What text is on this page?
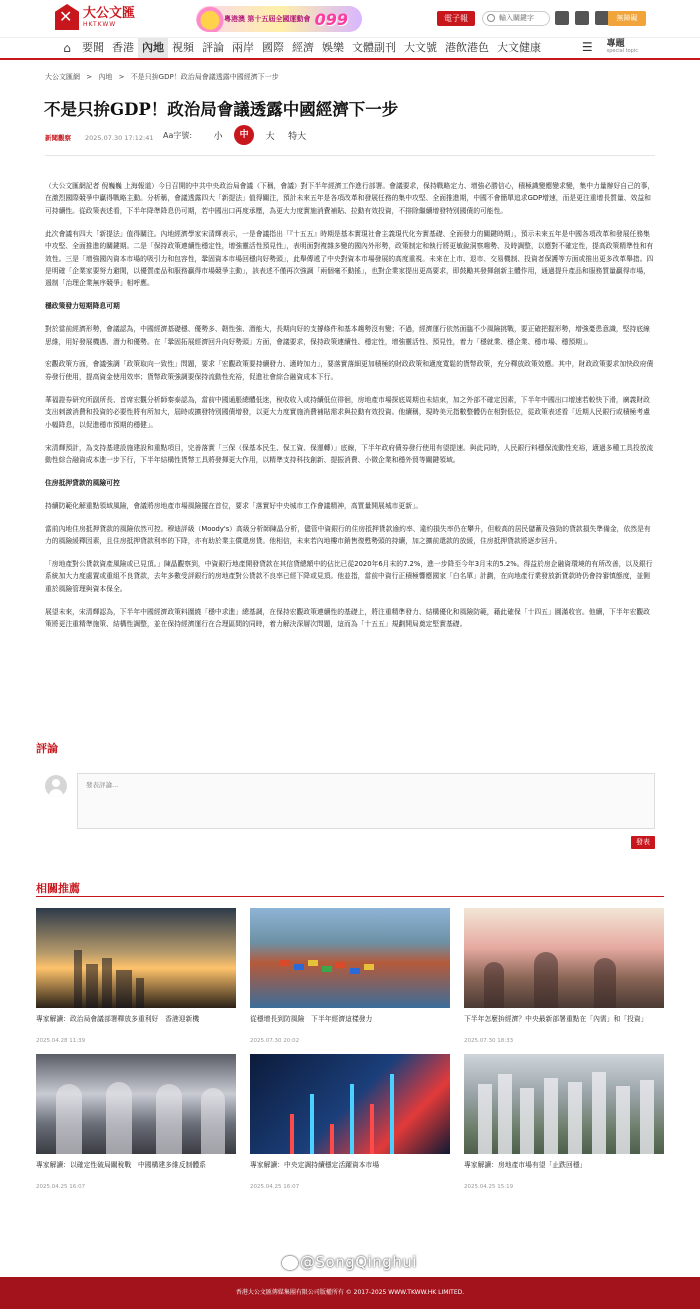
✕
大公文匯
HKTKWW
粵港澳 第十五屆全國運動會 099	電子報	輸入關鍵字	無障礙
⌂	要聞 香港 內地 視頻 評論 兩岸 國際 經濟 娛樂 文體副刊 大文號 港飲港色 大文健康	☰ 專題
special topic
大公文匯網 > 內地 > 不是只拚GDP！政治局會議透露中國經濟下一步
不是只拚GDP！政治局會議透露中國經濟下一步
新聞觀察 2025.07.30 17:12:41 Aa字號:	小	中	大	特大

（大公文匯網記者 倪巍巍 上海報道）今日召開的中共中央政治局會議（下稱，會議）對下半年經濟工作進行部署。會議要求，保持戰略定力、增強必勝信心，積極識變應變求變，集中力量辦好自己的事，在激烈國際競爭中贏得戰略主動。分析稱，會議透露四大「新提法」值得關注，預計未來五年是各項改革和發展任務的集中攻堅、全面推進期，中國不會簡單追求GDP增速，而是更注重增長質量、效益和可持續性。從政策表述看，下半年降準降息仍可期，若中國出口再度承壓，為更大力度實施消費補貼、拉動有效投資，不排除繼續增發特別國債的可能性。

此次會議有四大「新提法」值得關注。內地經濟學家宋清輝表示，一是會議指出「『十五五』時期是基本實現社會主義現代化夯實基礎、全面發力的關鍵時期」，預示未來五年是中國各項改革和發展任務集中攻堅、全面推進的關鍵期。二是「保持政策連續性穩定性，增強靈活性預見性」，表明面對複雜多變的國內外形勢，政策制定和執行將更敏銳洞察趨勢、及時調整，以應對不確定性，提高政策精準性和有效性。三是「增強國內資本市場的吸引力和包容性，鞏固資本市場回穩向好勢頭」，此舉傳遞了中央對資本市場發展的高度重視。未來在上市、退市、交易機制、投資者保護等方面或推出更多改革舉措。四是明確「企業家要努力避閑，以優質產品和服務贏得市場競爭主動」，該表述不僅再次強調「兩個毫不動搖」，也對企業家提出更高要求，即鼓勵其發揮創新主體作用，通過提升產品和服務質量贏得市場，遏制「治理企業無序競爭」相呼應。

穩政策發力短期降息可期

對於當前經濟形勢，會議認為，中國經濟基礎穩、優勢多、韌性強、潛能大，長期向好的支撐條件和基本趨勢沒有變；不過，經濟運行依然面臨不少風險挑戰，要正確把握形勢，增強憂患意識，堅持底線思維，用好發展機遇、潛力和優勢。在「鞏固拓展經濟回升向好勢頭」方面，會議要求，保持政策連續性、穩定性，增強靈活性、預見性，着力「穩就業、穩企業、穩市場、穩預期」。

宏觀政策方面，會議強調「政策取向一致性」問題，要求「宏觀政策要持續發力、適時加力」，要落實落細更加積極的財政政策和適度寬鬆的貨幣政策，充分釋放政策效應。其中，財政政策要求加快政府債券發行使用，提高資金使用效率；貨幣政策強調要保持流動性充裕，促進社會綜合融資成本下行。

華福證券研究所副所長、首席宏觀分析師秦泰認為，當前中國通脹總體低迷，稅收收入或持續低位徘徊，房地產市場探底周期也未結束，加之外部不確定因素，下半年中國出口增速若較快下滑，廣義財政支出刺激消費和投資的必要性將有所加大，屆時或擴發特別國債增發，以更大力度實施消費補貼需求與拉動有效投資。他續稱，現時美元指數整體仍在相對低位，從政策表述看「近期人民銀行或積極考慮小幅降息，以促進穩市預期的穩健」。

宋清輝預計，為支持基建設施建設和重點項目，完善落實「三保（保基本民生、保工資、保運轉）」底線，下半年政府債券發行使用有望提速。與此同時，人民銀行料穩保流動性充裕，適過多種工具投放流動性綜合融資成本進一步下行，下半年結構性貨幣工具將發揮更大作用，以精準支持科技創新、提振消費、小微企業和穩外貿等關鍵領域。

住房抵押貸款的風險可控

持續防範化解重點領域風險，會議將房地產市場風險擺在首位，要求「落實好中央城市工作會議精神，高質量開展城市更新」。

當前內地住房抵押貸款的風險依然可控。穆迪評級（Moody's）高級分析師陳晶分析，儘管中資銀行的住房抵押貸款逾約率、違約損失率仍在攀升，但較高的居民儲蓄及強勁的貸款損失準備金，依然是有力的風險緩釋因素，且住房抵押貸款利率的下降，亦有助於業主償還房貸。他相信，未來若內地樓市銷售復甦勢頭的持續，加之擴前還款的放緩，住房抵押貸款將逐步回升。

「房地產對公貸款資產風險或已見頂。」陳晶觀察到，中資銀行地產開發貸款在其信貸總額中的佔比已從2020年6月末的7.2%，進一步降至今年3月末的5.2%。得益於房企融資環境的有所改善，以及銀行系統加大力度處置或重組不良貸款，去年多數受評銀行的房地產對公貸款不良率已經下降或見頂。他並指，當前中資行正積極響應國家「白名單」計劃，在向地產行業發放新貸款時仍會持審慎態度，並側重於風險管理與資本保全。

展望未來，宋清輝認為，下半年中國經濟政策料圍繞「穩中求進」總基調，在保持宏觀政策連續性的基礎上，將注重精準發力、結構優化和風險防範，藉此確保「十四五」圓滿收官。他續，下半年宏觀政策將更注重精準施策、結構性調整，並在保持經濟運行在合理區間的同時，着力解決深層次問題，這而為「十五五」規劃開局奠定堅實基礎。

評論
發表評論...
發表
相關推薦
專家解讀：政治局會議部署釋放多重利好　香港迎新機
2025.04.28 11:39
從穩增長到防風險　下半年經濟這樣發力
2025.07.30 20:02
下半年怎麼拚經濟？中央最新部署重點在「內需」和「投資」
2025.07.30 18:33
專家解讀：以確定性破局關稅戰　中國構建多維反制體系
2025.04.25 16:07
專家解讀：中央定調持續穩定活躍資本市場
2025.04.25 16:07
專家解讀：房地產市場有望「止跌回穩」
2025.04.25 15:19
香港大公文匯傳媒集團有限公司版權所有 © 2017-2025 WWW.TKWW.HK LIMITED.
@SongQinghui
